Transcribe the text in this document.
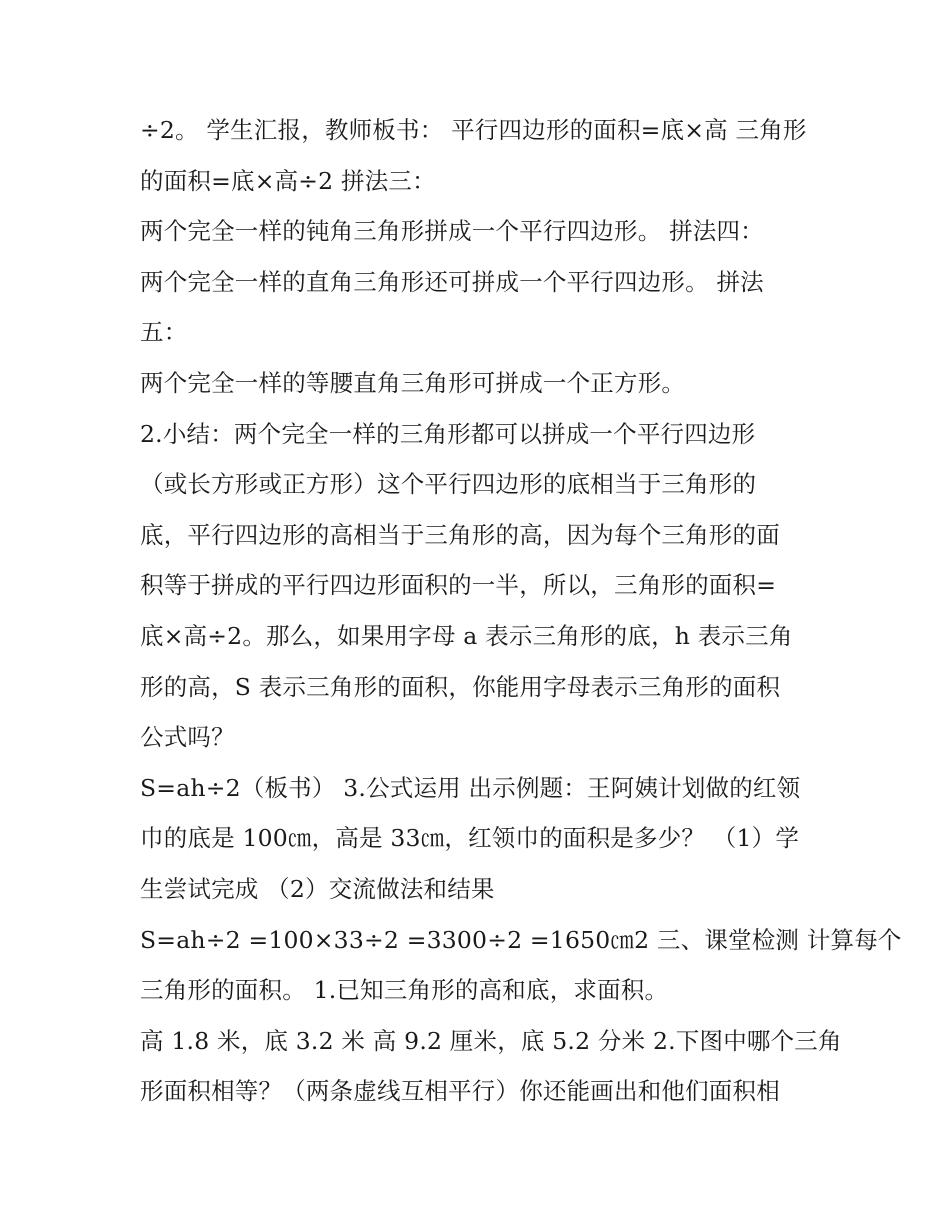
÷2。 学生汇报，教师板书： 平行四边形的面积=底×高 三角形
的面积=底×高÷2 拼法三：
两个完全一样的钝角三角形拼成一个平行四边形。 拼法四：
两个完全一样的直角三角形还可拼成一个平行四边形。 拼法
五：
两个完全一样的等腰直角三角形可拼成一个正方形。
2.小结：两个完全一样的三角形都可以拼成一个平行四边形
（或长方形或正方形）这个平行四边形的底相当于三角形的
底，平行四边形的高相当于三角形的高，因为每个三角形的面
积等于拼成的平行四边形面积的一半，所以，三角形的面积=
底×高÷2。那么，如果用字母 a 表示三角形的底，h 表示三角
形的高，S 表示三角形的面积，你能用字母表示三角形的面积
公式吗？
S=ah÷2（板书） 3.公式运用 出示例题：王阿姨计划做的红领
巾的底是 100㎝，高是 33㎝，红领巾的面积是多少？ （1）学
生尝试完成 （2）交流做法和结果
S=ah÷2 =100×33÷2 =3300÷2 =1650㎝2 三、课堂检测 计算每个
三角形的面积。 1.已知三角形的高和底，求面积。
高 1.8 米，底 3.2 米 高 9.2 厘米，底 5.2 分米 2.下图中哪个三角
形面积相等？（两条虚线互相平行）你还能画出和他们面积相
